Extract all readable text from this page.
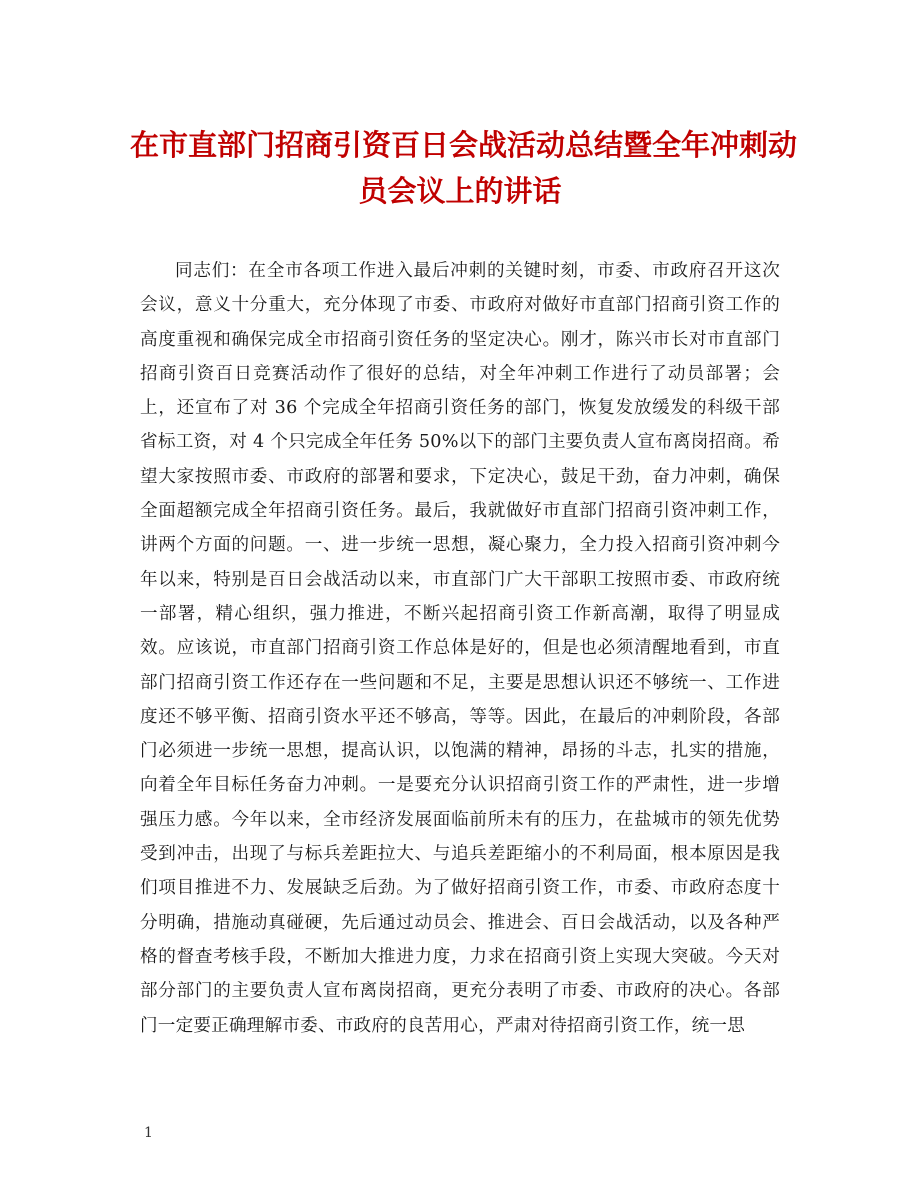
在市直部门招商引资百日会战活动总结暨全年冲刺动
员会议上的讲话
同志们：在全市各项工作进入最后冲刺的关键时刻，市委、市政府召开这次
会议，意义十分重大，充分体现了市委、市政府对做好市直部门招商引资工作的
高度重视和确保完成全市招商引资任务的坚定决心。刚才，陈兴市长对市直部门
招商引资百日竞赛活动作了很好的总结，对全年冲刺工作进行了动员部署；会
上，还宣布了对 36 个完成全年招商引资任务的部门，恢复发放缓发的科级干部
省标工资，对 4 个只完成全年任务 50%以下的部门主要负责人宣布离岗招商。希
望大家按照市委、市政府的部署和要求，下定决心，鼓足干劲，奋力冲刺，确保
全面超额完成全年招商引资任务。最后，我就做好市直部门招商引资冲刺工作，
讲两个方面的问题。一、进一步统一思想，凝心聚力，全力投入招商引资冲刺今
年以来，特别是百日会战活动以来，市直部门广大干部职工按照市委、市政府统
一部署，精心组织，强力推进，不断兴起招商引资工作新高潮，取得了明显成
效。应该说，市直部门招商引资工作总体是好的，但是也必须清醒地看到，市直
部门招商引资工作还存在一些问题和不足，主要是思想认识还不够统一、工作进
度还不够平衡、招商引资水平还不够高，等等。因此，在最后的冲刺阶段，各部
门必须进一步统一思想，提高认识，以饱满的精神，昂扬的斗志，扎实的措施，
向着全年目标任务奋力冲刺。一是要充分认识招商引资工作的严肃性，进一步增
强压力感。今年以来，全市经济发展面临前所未有的压力，在盐城市的领先优势
受到冲击，出现了与标兵差距拉大、与追兵差距缩小的不利局面，根本原因是我
们项目推进不力、发展缺乏后劲。为了做好招商引资工作，市委、市政府态度十
分明确，措施动真碰硬，先后通过动员会、推进会、百日会战活动，以及各种严
格的督查考核手段，不断加大推进力度，力求在招商引资上实现大突破。今天对
部分部门的主要负责人宣布离岗招商，更充分表明了市委、市政府的决心。各部
门一定要正确理解市委、市政府的良苦用心，严肃对待招商引资工作，统一思
1
